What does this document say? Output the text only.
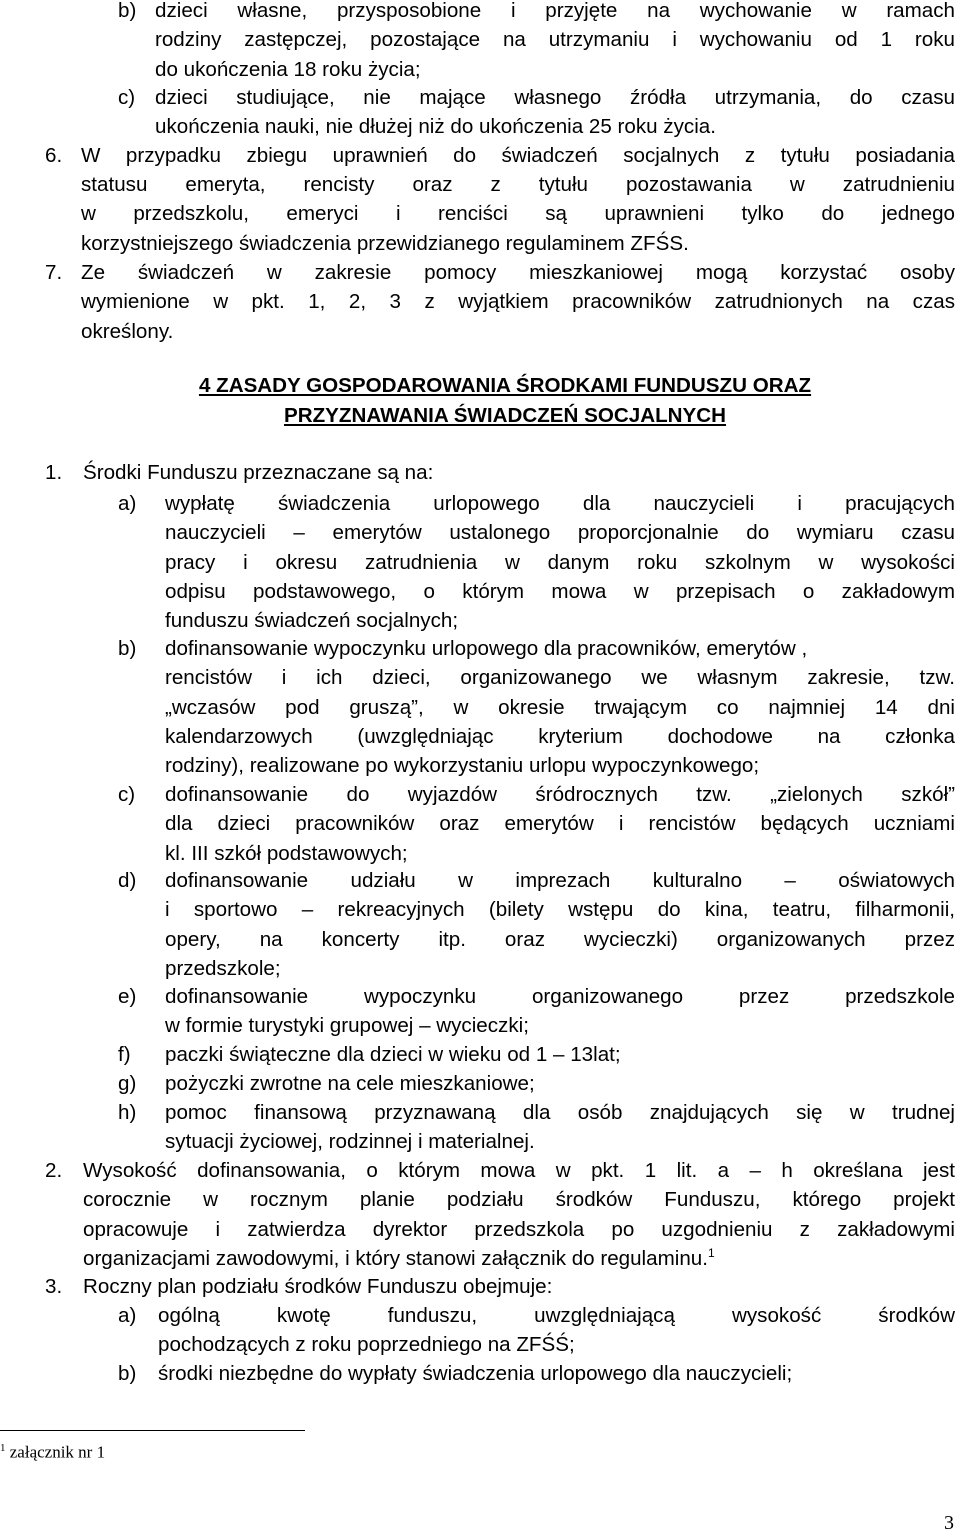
b) dzieci własne, przysposobione i przyjęte na wychowanie w ramach
rodziny zastępczej, pozostające na utrzymaniu i wychowaniu od 1 roku
do ukończenia 18 roku życia;
c) dzieci studiujące, nie mające własnego źródła utrzymania, do czasu
ukończenia nauki, nie dłużej niż do ukończenia 25 roku życia.
6. W przypadku zbiegu uprawnień do świadczeń socjalnych z tytułu posiadania
statusu emeryta, rencisty oraz z tytułu pozostawania w zatrudnieniu
w przedszkolu, emeryci i renciści są uprawnieni tylko do jednego
korzystniejszego świadczenia przewidzianego regulaminem ZFŚS.
7. Ze świadczeń w zakresie pomocy mieszkaniowej mogą korzystać osoby
wymienione w pkt. 1, 2, 3 z wyjątkiem pracowników zatrudnionych na czas
określony.
4 ZASADY GOSPODAROWANIA ŚRODKAMI FUNDUSZU ORAZ
PRZYZNAWANIA ŚWIADCZEŃ SOCJALNYCH
1. Środki Funduszu przeznaczane są na:
a) wypłatę świadczenia urlopowego dla nauczycieli i pracujących
nauczycieli – emerytów ustalonego proporcjonalnie do wymiaru czasu
pracy i okresu zatrudnienia w danym roku szkolnym w wysokości
odpisu podstawowego, o którym mowa w przepisach o zakładowym
funduszu świadczeń socjalnych;
b) dofinansowanie wypoczynku urlopowego dla pracowników, emerytów ,
rencistów i ich dzieci, organizowanego we własnym zakresie, tzw.
„wczasów pod gruszą”, w okresie trwającym co najmniej 14 dni
kalendarzowych (uwzględniając kryterium dochodowe na członka
rodziny), realizowane po wykorzystaniu urlopu wypoczynkowego;
c) dofinansowanie do wyjazdów śródrocznych tzw. „zielonych szkół”
dla dzieci pracowników oraz emerytów i rencistów będących uczniami
kl. III szkół podstawowych;
d) dofinansowanie udziału w imprezach kulturalno – oświatowych
i sportowo – rekreacyjnych (bilety wstępu do kina, teatru, filharmonii,
opery, na koncerty itp. oraz wycieczki) organizowanych przez
przedszkole;
e) dofinansowanie wypoczynku organizowanego przez przedszkole
w formie turystyki grupowej – wycieczki;
f) paczki świąteczne dla dzieci w wieku od 1 – 13lat;
g) pożyczki zwrotne na cele mieszkaniowe;
h) pomoc finansową przyznawaną dla osób znajdujących się w trudnej
sytuacji życiowej, rodzinnej i materialnej.
2. Wysokość dofinansowania, o którym mowa w pkt. 1 lit. a – h określana jest
corocznie w rocznym planie podziału środków Funduszu, którego projekt
opracowuje i zatwierdza dyrektor przedszkola po uzgodnieniu z zakładowymi
organizacjami zawodowymi, i który stanowi załącznik do regulaminu.$^1$
3. Roczny plan podziału środków Funduszu obejmuje:
a) ogólną kwotę funduszu, uwzględniającą wysokość środków
pochodzących z roku poprzedniego na ZFŚŚ;
b) środki niezbędne do wypłaty świadczenia urlopowego dla nauczycieli;
$^1$ załącznik nr 1
3
